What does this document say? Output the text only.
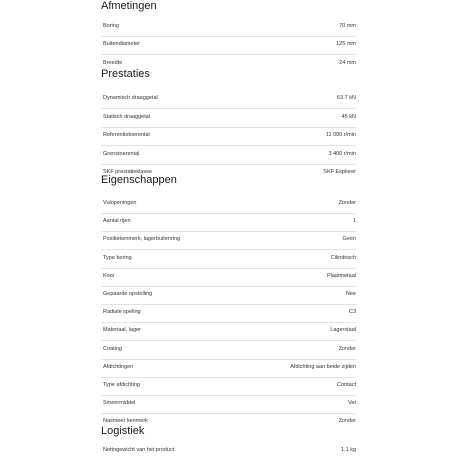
Afmetingen
Boring	70 mm
Buitendiameter	125 mm
Breedte	24 mm
Prestaties
Dynamisch draaggetal	63.7 kN
Statisch draaggetal	45 kN
Referentietoerental	11 000 r/min
Grenstoerental	3 400 r/min
SKF prestatieklasse	SKF Explorer
Eigenschappen
Vulopeningen	Zonder
Aantal rijen	1
Positiekenmerk, lagerbuitenring	Geen
Type boring	Cilindrisch
Kooi	Plaatmetaal
Gepaarde opstelling	Nee
Radiale speling	C3
Materiaal, lager	Lagerstaal
Coating	Zonder
Afdichtingen	Afdichting aan beide zijden
Type afdichting	Contact
Smeermiddel	Vet
Nasmeer kenmerk	Zonder
Logistiek
Nettogewicht van het product	1.1 kg
